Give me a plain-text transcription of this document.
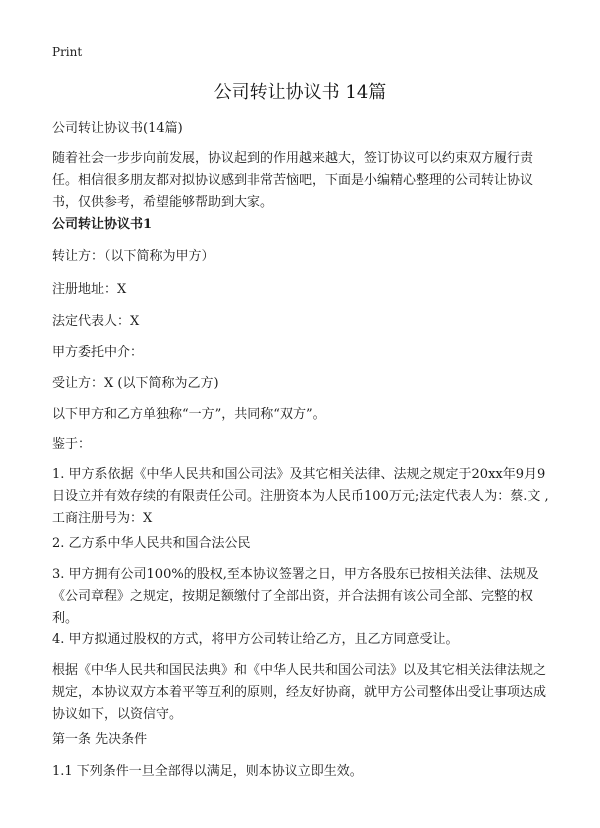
Print
公司转让协议书 14篇

公司转让协议书(14篇)

随着社会一步步向前发展，协议起到的作用越来越大，签订协议可以约束双方履行责任。相信很多朋友都对拟协议感到非常苦恼吧，下面是小编精心整理的公司转让协议书，仅供参考，希望能够帮助到大家。

公司转让协议书1

转让方：（以下简称为甲方）

注册地址：X

法定代表人：X

甲方委托中介：

受让方：X (以下简称为乙方)

以下甲方和乙方单独称“一方”，共同称“双方”。

鉴于：

1. 甲方系依据《中华人民共和国公司法》及其它相关法律、法规之规定于20xx年9月9日设立并有效存续的有限责任公司。注册资本为人民币100万元;法定代表人为：蔡.文 ,工商注册号为：X

2. 乙方系中华人民共和国合法公民

3. 甲方拥有公司100%的股权,至本协议签署之日，甲方各股东已按相关法律、法规及《公司章程》之规定，按期足额缴付了全部出资，并合法拥有该公司全部、完整的权利。

4. 甲方拟通过股权的方式，将甲方公司转让给乙方，且乙方同意受让。

根据《中华人民共和国民法典》和《中华人民共和国公司法》以及其它相关法律法规之规定，本协议双方本着平等互利的原则，经友好协商，就甲方公司整体出受让事项达成协议如下，以资信守。

第一条 先决条件

1.1 下列条件一旦全部得以满足，则本协议立即生效。
